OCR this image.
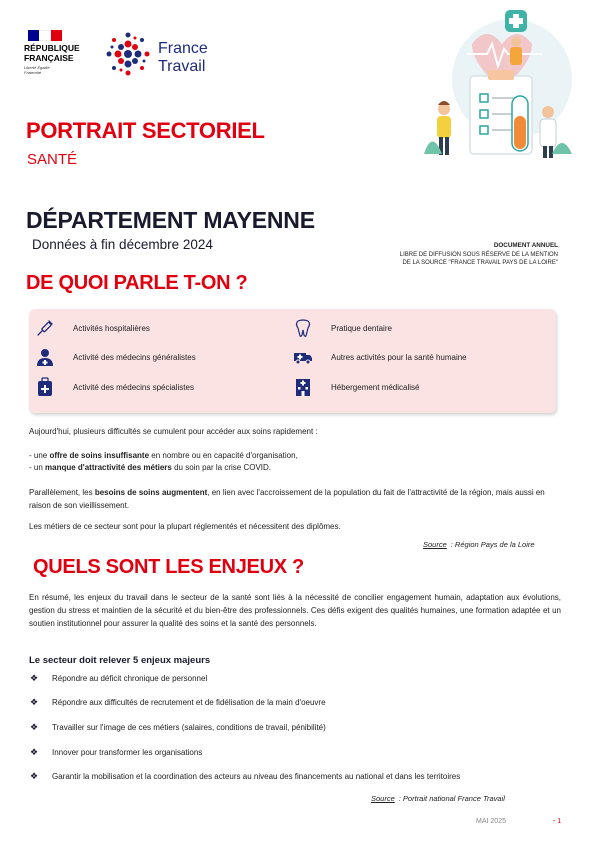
RÉPUBLIQUE
FRANÇAISE
Liberté Égalité Fraternité
France
Travail
PORTRAIT SECTORIEL
SANTÉ
DÉPARTEMENT MAYENNE
Données à fin décembre 2024	DOCUMENT ANNUEL
LIBRE DE DIFFUSION SOUS RÉSERVE DE LA MENTION
DE LA SOURCE "FRANCE TRAVAIL PAYS DE LA LOIRE"
DE QUOI PARLE T-ON ?
Activités hospitalières	Pratique dentaire
Activité des médecins généralistes	Autres activités pour la santé humaine
Activité des médecins spécialistes	Hébergement médicalisé
Aujourd'hui, plusieurs difficultés se cumulent pour accéder aux soins rapidement :
- une offre de soins insuffisante en nombre ou en capacité d'organisation,
- un manque d'attractivité des métiers du soin par la crise COVID.
Parallèlement, les besoins de soins augmentent, en lien avec l'accroissement de la population du fait de l'attractivité de la région, mais aussi en raison de son vieillissement.
Les métiers de ce secteur sont pour la plupart réglementés et nécessitent des diplômes.
Source : Région Pays de la Loire
QUELS SONT LES ENJEUX ?
En résumé, les enjeux du travail dans le secteur de la santé sont liés à la nécessité de concilier engagement humain, adaptation aux évolutions, gestion du stress et maintien de la sécurité et du bien-être des professionnels. Ces défis exigent des qualités humaines, une formation adaptée et un soutien institutionnel pour assurer la qualité des soins et la santé des personnels.
Le secteur doit relever 5 enjeux majeurs
❖	Répondre au déficit chronique de personnel
❖	Répondre aux difficultés de recrutement et de fidélisation de la main d'oeuvre
❖	Travailler sur l'image de ces métiers (salaires, conditions de travail, pénibilité)
❖	Innover pour transformer les organisations
❖	Garantir la mobilisation et la coordination des acteurs au niveau des financements au national et dans les territoires
Source : Portrait national France Travail
MAI 2025	- 1
